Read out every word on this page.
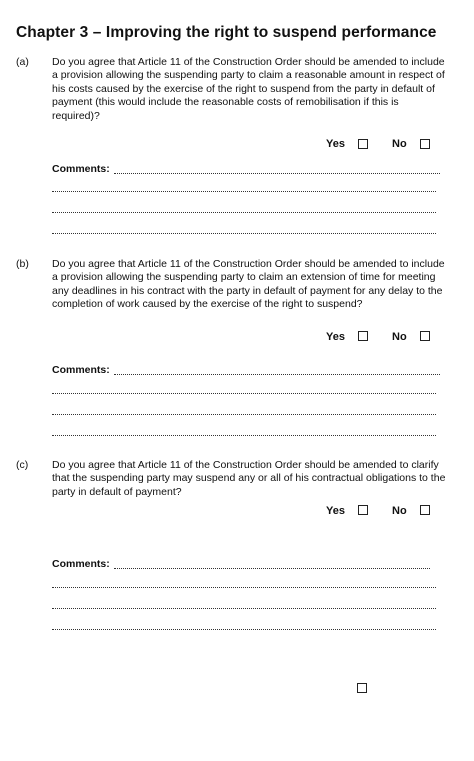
Chapter 3 – Improving the right to suspend performance
(a) Do you agree that Article 11 of the Construction Order should be amended to include a provision allowing the suspending party to claim a reasonable amount in respect of his costs caused by the exercise of the right to suspend from the party in default of payment (this would include the reasonable costs of remobilisation if this is required)?

Yes	No
Comments:
(b) Do you agree that Article 11 of the Construction Order should be amended to include a provision allowing the suspending party to claim an extension of time for meeting any deadlines in his contract with the party in default of payment for any delay to the completion of work caused by the exercise of the right to suspend?

Yes	No
Comments:
(c) Do you agree that Article 11 of the Construction Order should be amended to clarify that the suspending party may suspend any or all of his contractual obligations to the party in default of payment?

Yes	No
Comments:
